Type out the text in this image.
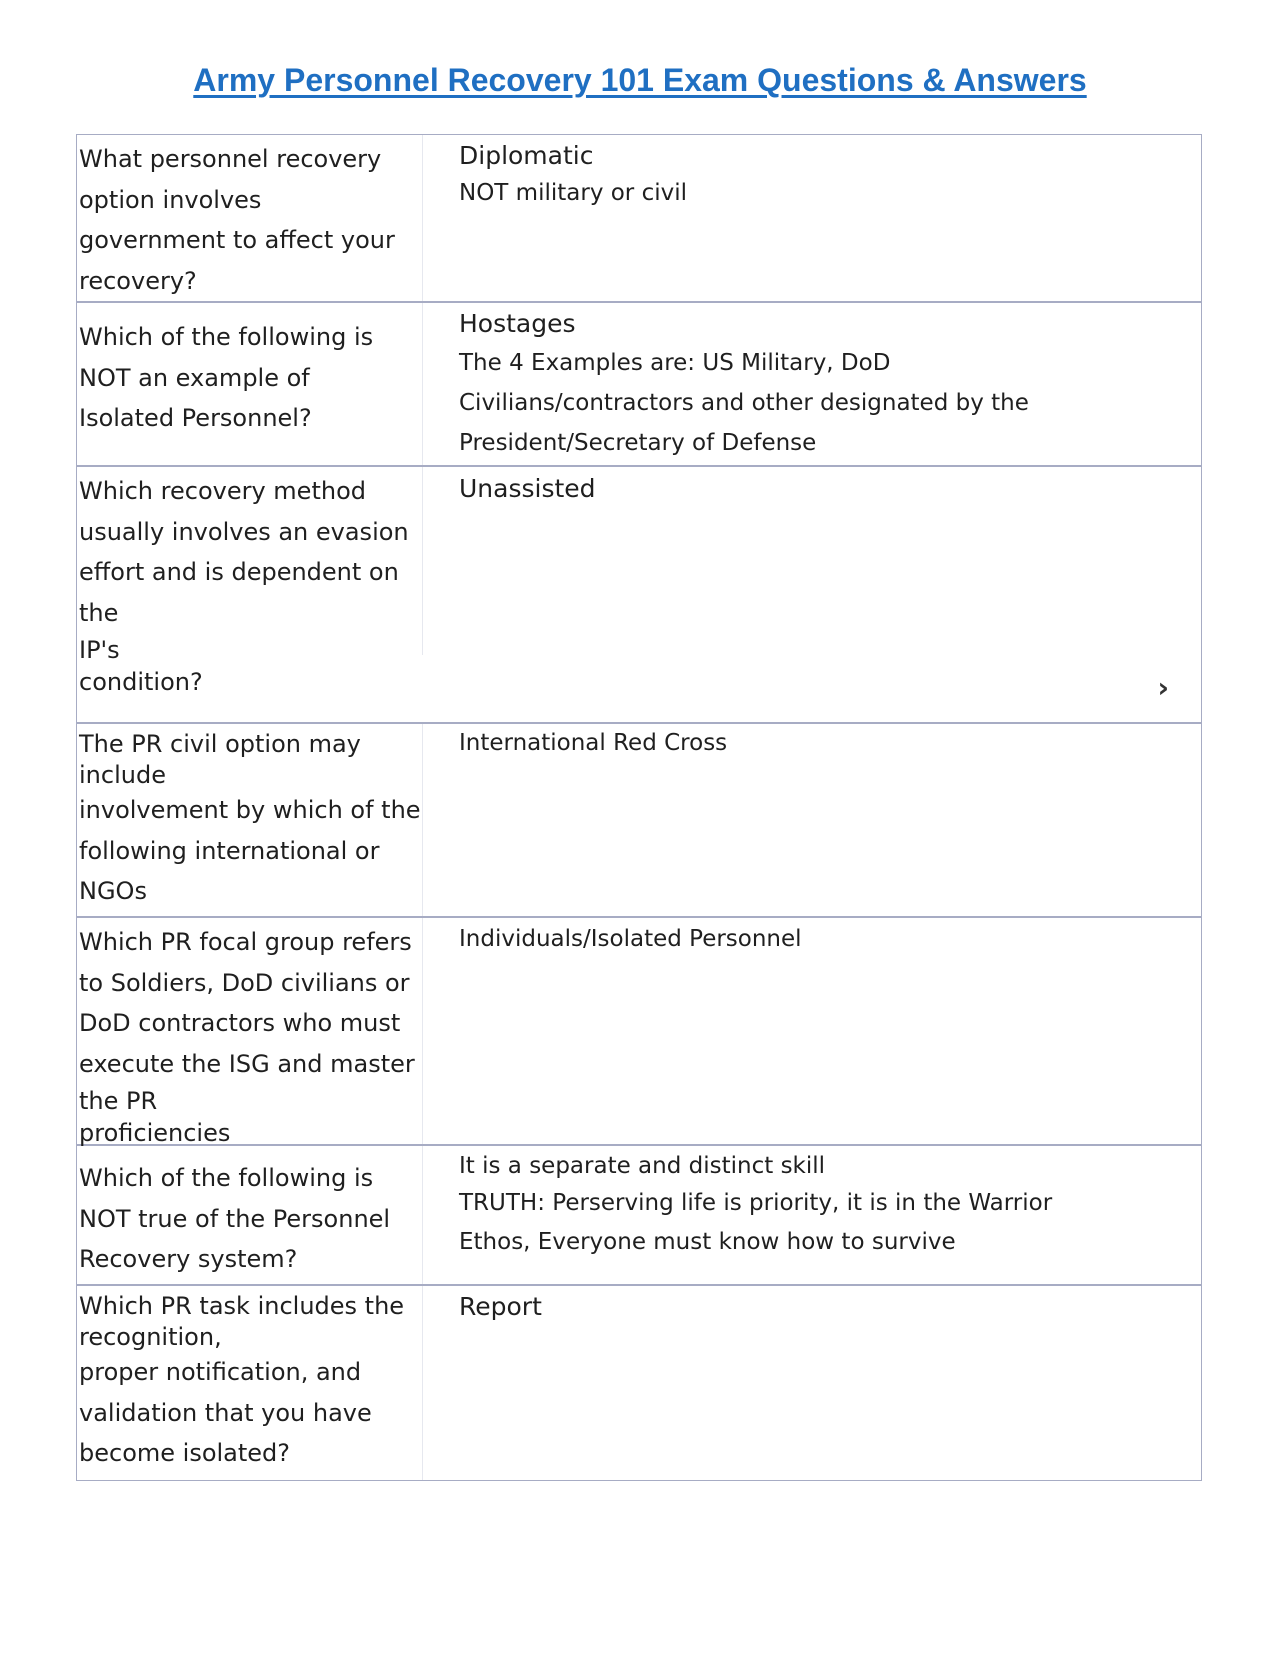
Army Personnel Recovery 101 Exam Questions & Answers
What personnel recovery
option involves
government to affect your
recovery?
Diplomatic
NOT military or civil
Which of the following is
NOT an example of
Isolated Personnel?
Hostages
The 4 Examples are: US Military, DoD
Civilians/contractors and other designated by the
President/Secretary of Defense
Which recovery method
usually involves an evasion
effort and is dependent on the
IP's
condition?
Unassisted
›
The PR civil option may
include
involvement by which of the
following international or
NGOs
International Red Cross
Which PR focal group refers
to Soldiers, DoD civilians or
DoD contractors who must
execute the ISG and master
the PR
proficiencies
Individuals/Isolated Personnel
Which of the following is
NOT true of the Personnel
Recovery system?
It is a separate and distinct skill
TRUTH: Perserving life is priority, it is in the Warrior
Ethos, Everyone must know how to survive
Which PR task includes the
recognition,
proper notification, and
validation that you have
become isolated?
Report
